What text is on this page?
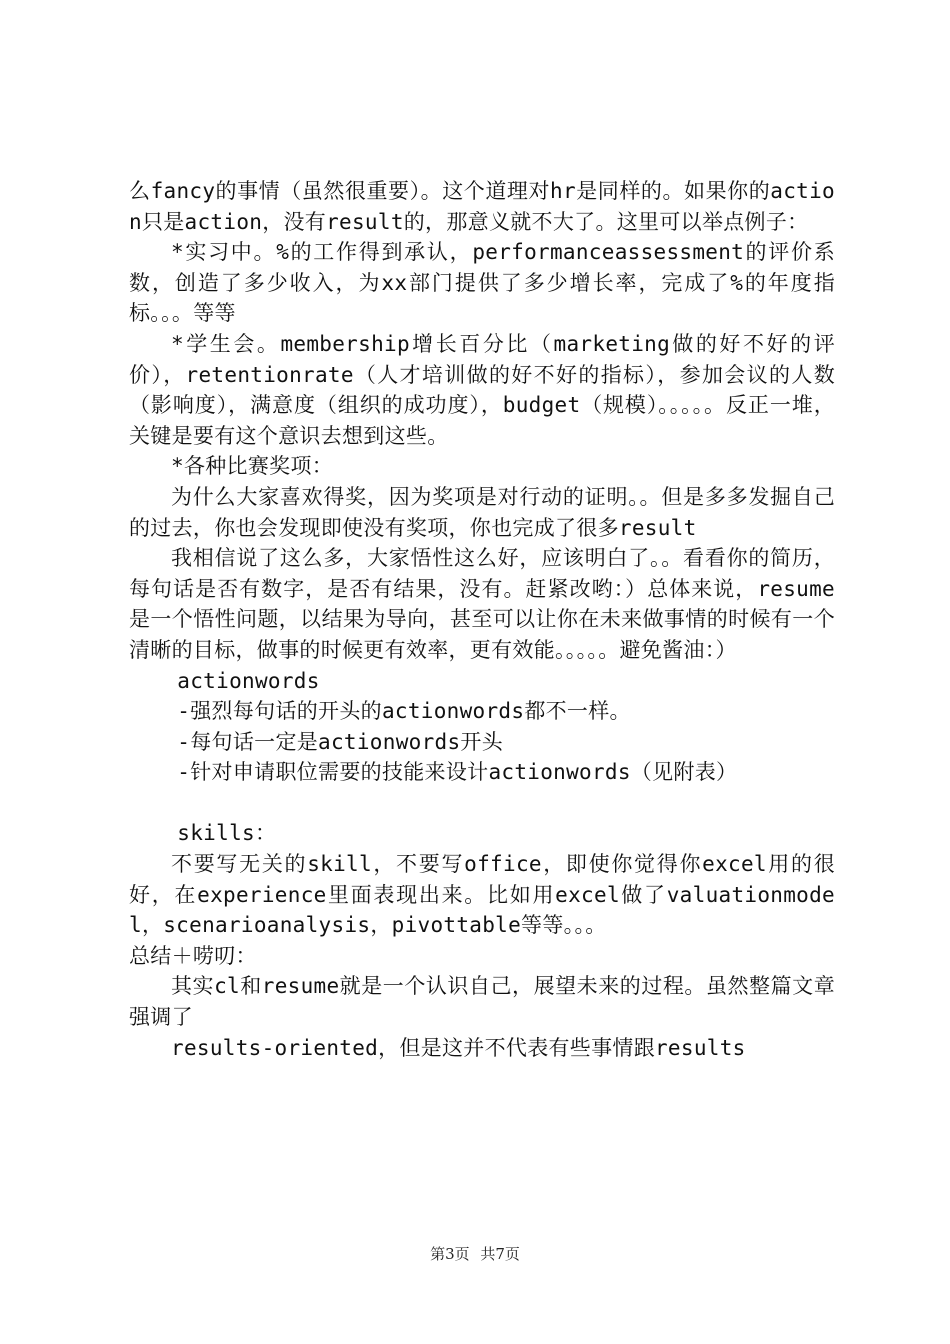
么fancy的事情（虽然很重要）。这个道理对hr是同样的。如果你的action只是action，没有result的，那意义就不大了。这里可以举点例子：

*实习中。%的工作得到承认，performanceassessment的评价系数，创造了多少收入，为xx部门提供了多少增长率，完成了%的年度指标。。。等等

*学生会。membership增长百分比（marketing做的好不好的评价），retentionrate（人才培训做的好不好的指标），参加会议的人数（影响度），满意度（组织的成功度），budget（规模）。。。。。反正一堆，关键是要有这个意识去想到这些。

*各种比赛奖项：

为什么大家喜欢得奖，因为奖项是对行动的证明。。但是多多发掘自己的过去，你也会发现即使没有奖项，你也完成了很多result

我相信说了这么多，大家悟性这么好，应该明白了。。看看你的简历，每句话是否有数字，是否有结果，没有。赶紧改哟：）总体来说，resume是一个悟性问题，以结果为导向，甚至可以让你在未来做事情的时候有一个清晰的目标，做事的时候更有效率，更有效能。。。。。避免酱油：）

actionwords

-强烈每句话的开头的actionwords都不一样。

-每句话一定是actionwords开头

-针对申请职位需要的技能来设计actionwords（见附表）

skills：

不要写无关的skill，不要写office，即使你觉得你excel用的很好，在experience里面表现出来。比如用excel做了valuationmodel，scenarioanalysis，pivottable等等。。。

总结＋唠叨：

其实cl和resume就是一个认识自己，展望未来的过程。虽然整篇文章强调了

results-oriented，但是这并不代表有些事情跟results

第3页 共7页
